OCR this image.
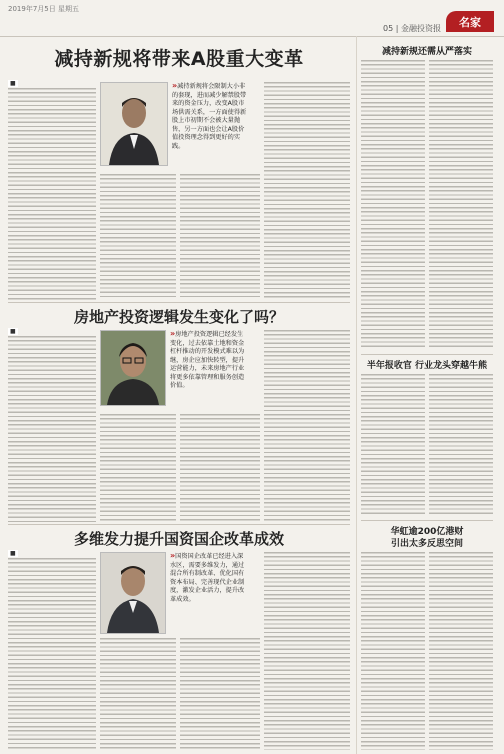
2019年7月5日 星期五
05 | 金融投资报	名家
减持新规将带来A股重大变革
■	»减持新规将会限制大小非的套现，进而减少解禁股带来的资金压力，改变A股市场供需关系，一方面使得新股上市初期不会被大量抛售，另一方面也会让A股价值投资理念得到更好的实践。
房地产投资逻辑发生变化了吗？
■	»房地产投资逻辑已经发生变化，过去依靠土地和资金杠杆推动的开发模式难以为继，房企应加快转型，提升运营能力，未来房地产行业将更多依靠管理和服务创造价值。
多维发力提升国资国企改革成效
■	»国资国企改革已经进入深水区，需要多维发力，通过混合所有制改革、优化国有资本布局、完善现代企业制度，激发企业活力，提升改革成效。
减持新规还需从严落实
半年报收官 行业龙头穿越牛熊
华虹逾200亿港财
引出太多反思空间
